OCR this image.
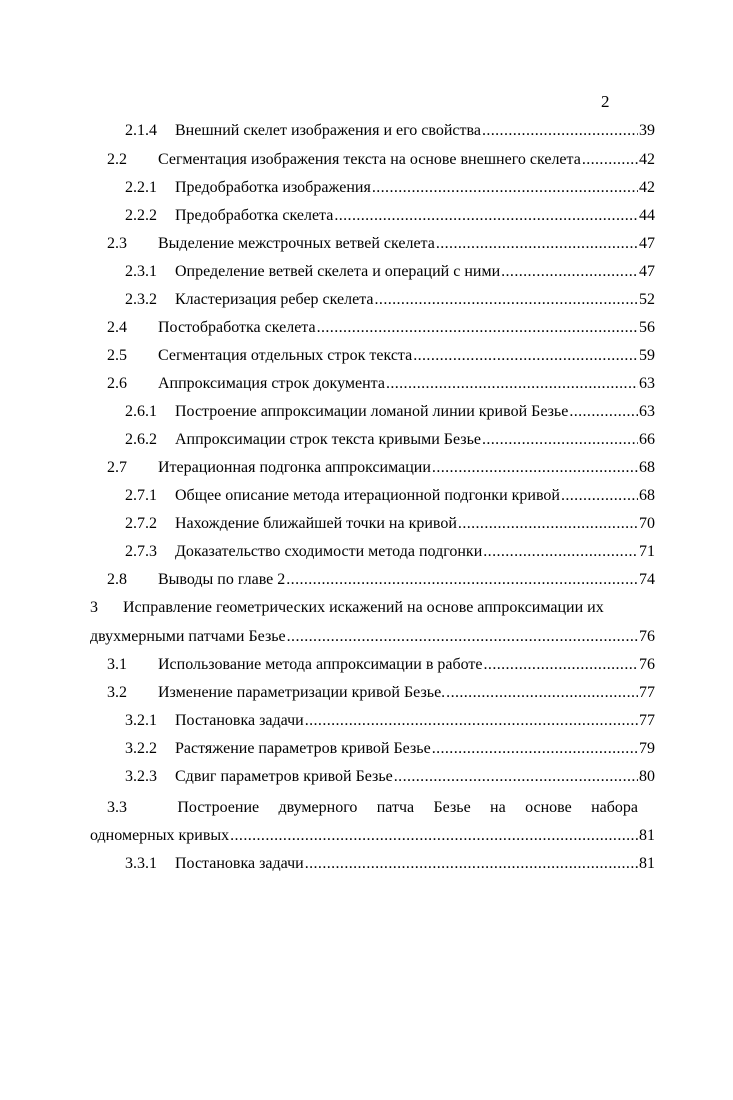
2
2.1.4	Внешний скелет изображения и его свойства . . .	39
2.2	Сегментация изображения текста на основе внешнего скелета . . .	42
2.2.1	Предобработка изображения . . .	42
2.2.2	Предобработка скелета . . .	44
2.3	Выделение межстрочных ветвей скелета . . .	47
2.3.1	Определение ветвей скелета и операций с ними . . .	47
2.3.2	Кластеризация ребер скелета . . .	52
2.4	Постобработка скелета . . .	56
2.5	Сегментация отдельных строк текста . . .	59
2.6	Аппроксимация строк документа . . .	63
2.6.1	Построение аппроксимации ломаной линии кривой Безье . . .	63
2.6.2	Аппроксимации строк текста кривыми Безье . . .	66
2.7	Итерационная подгонка аппроксимации . . .	68
2.7.1	Общее описание метода итерационной подгонки кривой . . .	68
2.7.2	Нахождение ближайшей точки на кривой . . .	70
2.7.3	Доказательство сходимости метода подгонки . . .	71
2.8	Выводы по главе 2 . . .	74
3 Исправление геометрических искажений на основе аппроксимации их
двухмерными патчами Безье . . .	76
3.1	Использование метода аппроксимации в работе . . .	76
3.2	Изменение параметризации кривой Безье. . . .	77
3.2.1	Постановка задачи . . .	77
3.2.2	Растяжение параметров кривой Безье . . .	79
3.2.3	Сдвиг параметров кривой Безье . . .	80
3.3	Построение двумерного патча Безье на основе набора
одномерных кривых . . .	81
3.3.1	Постановка задачи . . .	81
